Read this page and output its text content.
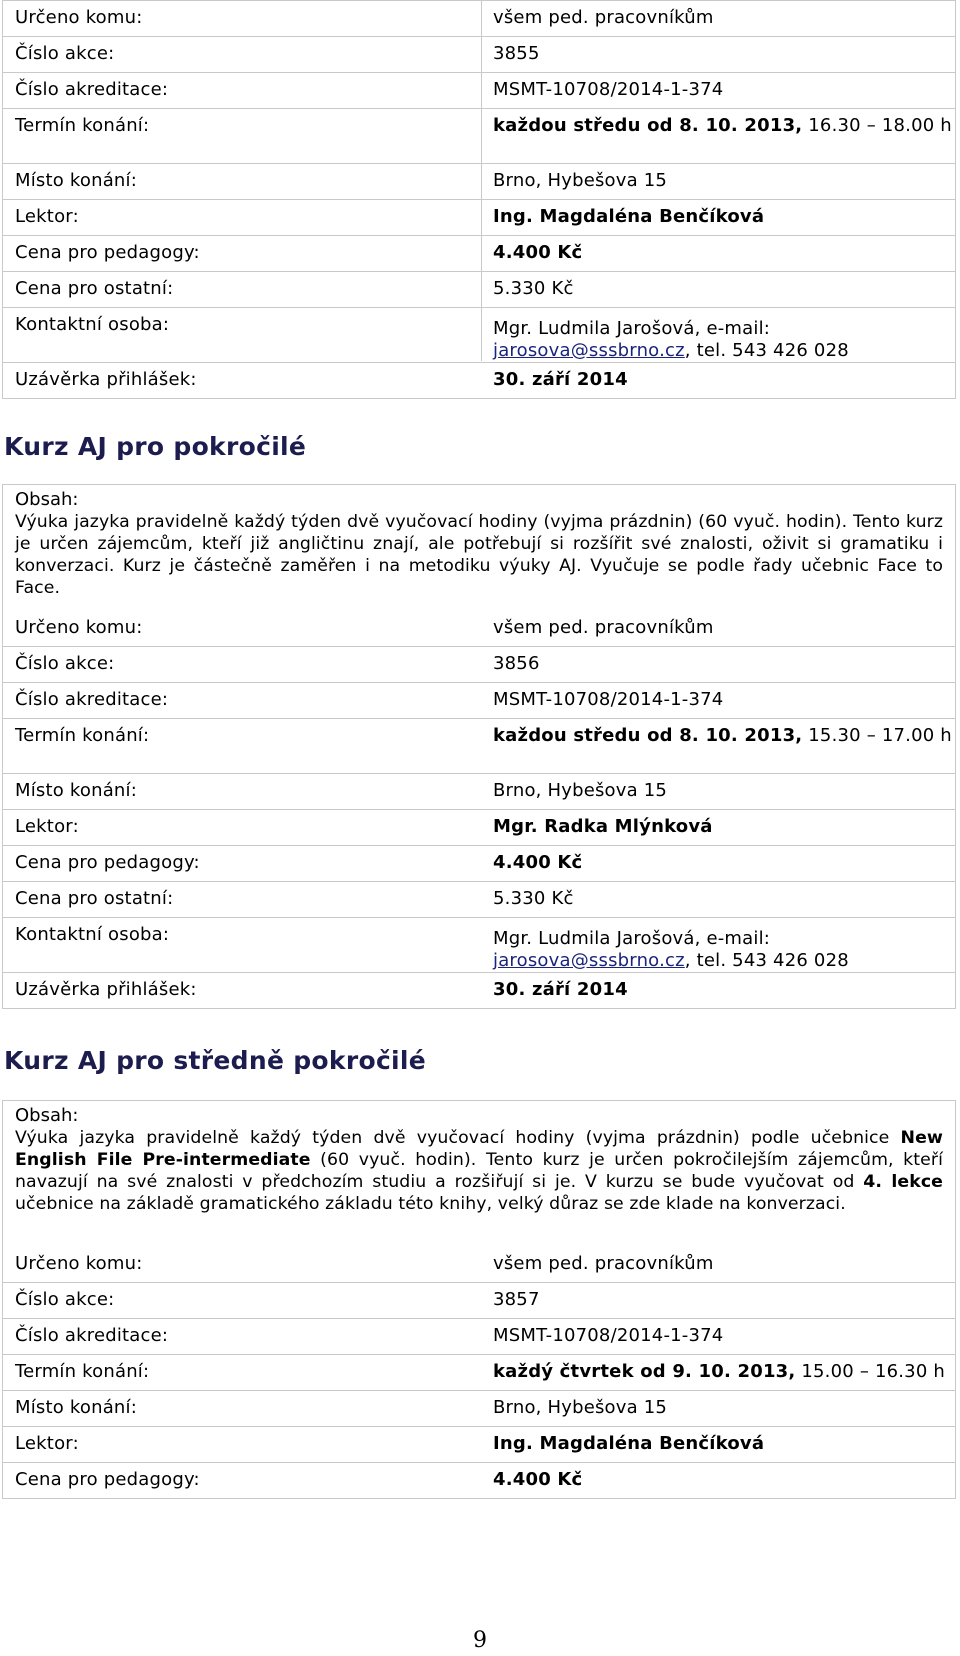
Určeno komu:	všem ped. pracovníkům
Číslo akce:	3855
Číslo akreditace:	MSMT-10708/2014-1-374
Termín konání:	každou středu od 8. 10. 2013, 16.30 – 18.00 h
Místo konání:	Brno, Hybešova 15
Lektor:	Ing. Magdaléna Benčíková
Cena pro pedagogy:	4.400 Kč
Cena pro ostatní:	5.330 Kč
Kontaktní osoba:	Mgr. Ludmila Jarošová, e-mail:
jarosova@sssbrno.cz, tel. 543 426 028
Uzávěrka přihlášek:	30. září 2014
Kurz AJ pro pokročilé
Obsah:
Výuka jazyka pravidelně každý týden dvě vyučovací hodiny (vyjma prázdnin) (60 vyuč. hodin). Tento kurz je určen zájemcům, kteří již angličtinu znají, ale potřebují si rozšířit své znalosti, oživit si gramatiku i konverzaci. Kurz je částečně zaměřen i na metodiku výuky AJ. Vyučuje se podle řady učebnic Face to Face.
Určeno komu:	všem ped. pracovníkům
Číslo akce:	3856
Číslo akreditace:	MSMT-10708/2014-1-374
Termín konání:	každou středu od 8. 10. 2013, 15.30 – 17.00 h
Místo konání:	Brno, Hybešova 15
Lektor:	Mgr. Radka Mlýnková
Cena pro pedagogy:	4.400 Kč
Cena pro ostatní:	5.330 Kč
Kontaktní osoba:	Mgr. Ludmila Jarošová, e-mail:
jarosova@sssbrno.cz, tel. 543 426 028
Uzávěrka přihlášek:	30. září 2014
Kurz AJ pro středně pokročilé
Obsah:
Výuka jazyka pravidelně každý týden dvě vyučovací hodiny (vyjma prázdnin) podle učebnice New English File Pre-intermediate (60 vyuč. hodin). Tento kurz je určen pokročilejším zájemcům, kteří navazují na své znalosti v předchozím studiu a rozšiřují si je. V kurzu se bude vyučovat od 4. lekce učebnice na základě gramatického základu této knihy, velký důraz se zde klade na konverzaci.
Určeno komu:	všem ped. pracovníkům
Číslo akce:	3857
Číslo akreditace:	MSMT-10708/2014-1-374
Termín konání:	každý čtvrtek od 9. 10. 2013, 15.00 – 16.30 h
Místo konání:	Brno, Hybešova 15
Lektor:	Ing. Magdaléna Benčíková
Cena pro pedagogy:	4.400 Kč
9
